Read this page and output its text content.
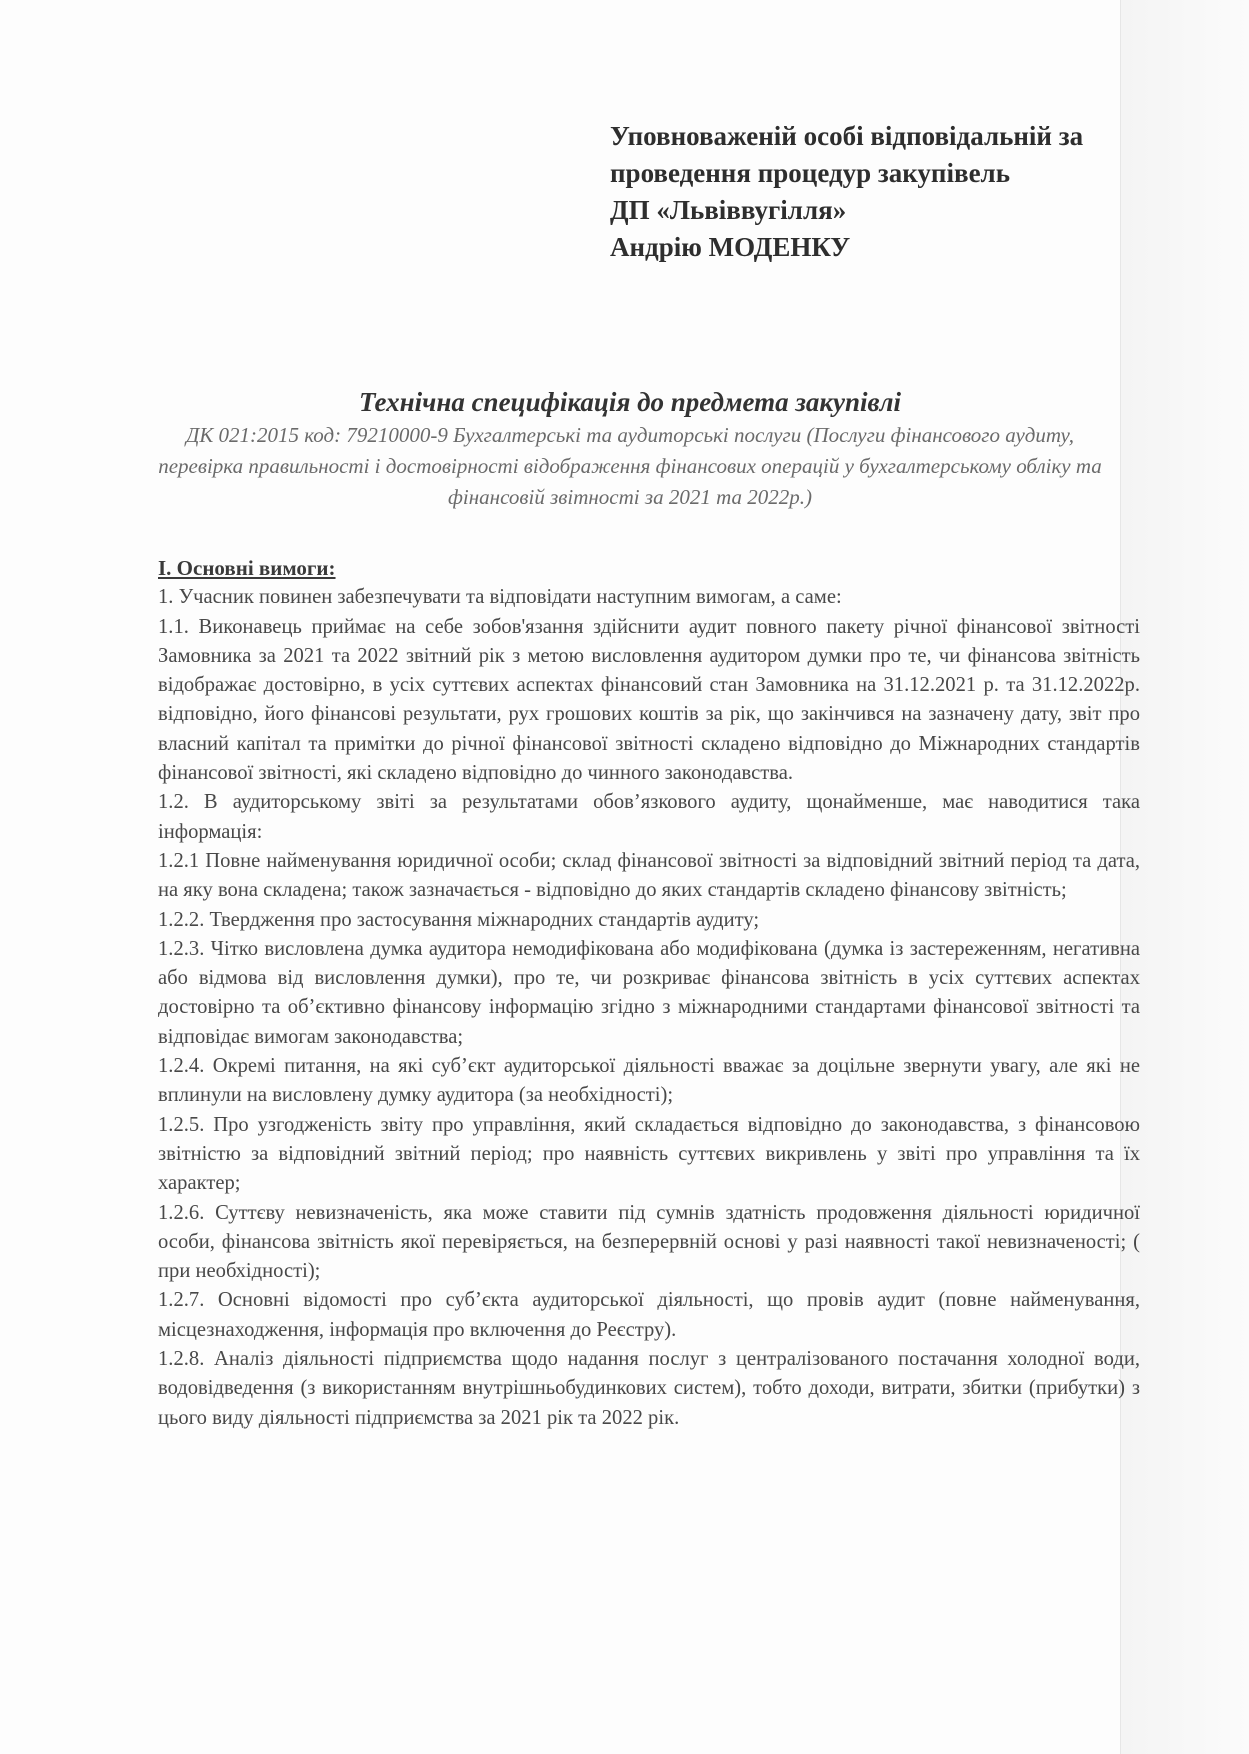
Уповноваженій особі відповідальній за
проведення процедур закупівель
ДП «Львіввугілля»
Андрію МОДЕНКУ
Технічна специфікація до предмета закупівлі
ДК 021:2015 код: 79210000-9 Бухгалтерські та аудиторські послуги (Послуги фінансового аудиту, перевірка правильності і достовірності відображення фінансових операцій у бухгалтерському обліку та фінансовій звітності за 2021 та 2022р.)
І. Основні вимоги:
1. Учасник повинен забезпечувати та відповідати наступним вимогам, а саме:
1.1. Виконавець приймає на себе зобов'язання здійснити аудит повного пакету річної фінансової звітності Замовника за 2021 та 2022 звітний рік з метою висловлення аудитором думки про те, чи фінансова звітність відображає достовірно, в усіх суттєвих аспектах фінансовий стан Замовника на 31.12.2021 р. та 31.12.2022р. відповідно, його фінансові результати, рух грошових коштів за рік, що закінчився на зазначену дату, звіт про власний капітал та примітки до річної фінансової звітності складено відповідно до Міжнародних стандартів фінансової звітності, які складено відповідно до чинного законодавства.
1.2. В аудиторському звіті за результатами обов’язкового аудиту, щонайменше, має наводитися така інформація:
1.2.1 Повне найменування юридичної особи; склад фінансової звітності за відповідний звітний період та дата, на яку вона складена; також зазначається - відповідно до яких стандартів складено фінансову звітність;
1.2.2. Твердження про застосування міжнародних стандартів аудиту;
1.2.3. Чітко висловлена думка аудитора немодифікована або модифікована (думка із застереженням, негативна або відмова від висловлення думки), про те, чи розкриває фінансова звітність в усіх суттєвих аспектах достовірно та об’єктивно фінансову інформацію згідно з міжнародними стандартами фінансової звітності та відповідає вимогам законодавства;
1.2.4. Окремі питання, на які суб’єкт аудиторської діяльності вважає за доцільне звернути увагу, але які не вплинули на висловлену думку аудитора (за необхідності);
1.2.5. Про узгодженість звіту про управління, який складається відповідно до законодавства, з фінансовою звітністю за відповідний звітний період; про наявність суттєвих викривлень у звіті про управління та їх характер;
1.2.6. Суттєву невизначеність, яка може ставити під сумнів здатність продовження діяльності юридичної особи, фінансова звітність якої перевіряється, на безперервній основі у разі наявності такої невизначеності; ( при необхідності);
1.2.7. Основні відомості про суб’єкта аудиторської діяльності, що провів аудит (повне найменування, місцезнаходження, інформація про включення до Реєстру).
1.2.8. Аналіз діяльності підприємства щодо надання послуг з централізованого постачання холодної води, водовідведення (з використанням внутрішньобудинкових систем), тобто доходи, витрати, збитки (прибутки) з цього виду діяльності підприємства за 2021 рік та 2022 рік.
